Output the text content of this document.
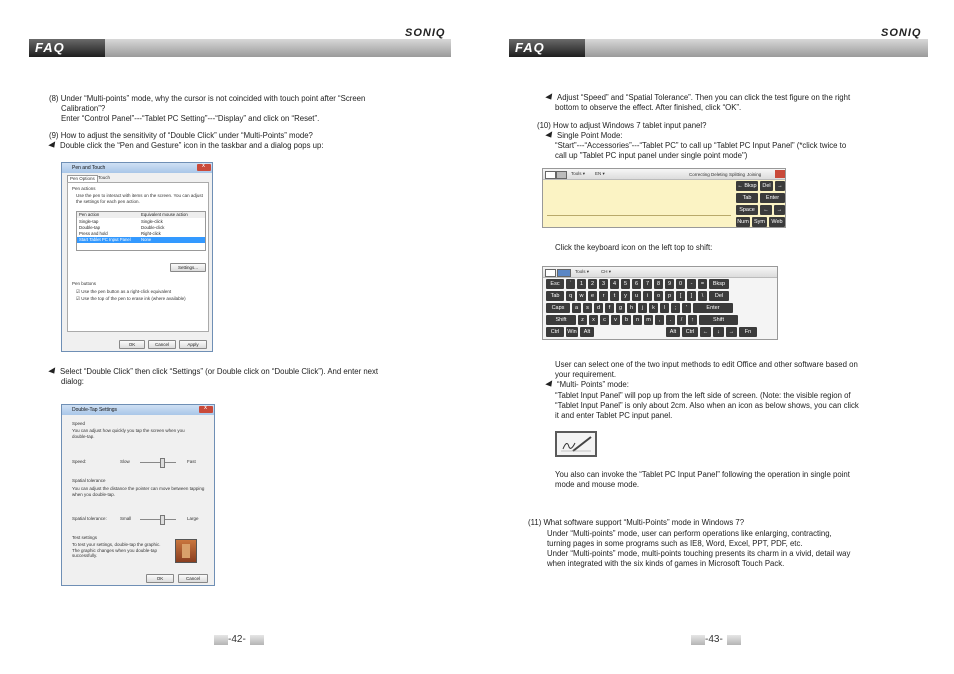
SONIQ
FAQ
(8) Under “Multi-points” mode, why the cursor is not coincided with touch point after “Screen
Calibration”?
Enter “Control Panel”---“Tablet PC Setting”---“Display” and click on “Reset”.
(9) How to adjust the sensitivity of “Double Click” under “Multi-Points” mode?
Double click the “Pen and Gesture” icon in the taskbar and a dialog pops up:
Pen and Touch
x
Pen Options Touch
Pen actions
Use the pen to interact with items on the screen. You can adjust the settings for each pen action.
Pen action	Equivalent mouse action
Single-tap	Single-click
Double-tap	Double-click
Press and hold	Right-click
Start Tablet PC Input Panel None
Settings...
Pen buttons
☑ Use the pen button as a right-click equivalent
☑ Use the top of the pen to erase ink (where available)
OK	Cancel	Apply
Select “Double Click” then click “Settings” (or Double click on “Double Click”). And enter next
dialog:
Double-Tap Settings
x
Speed
You can adjust how quickly you tap the screen when you double-tap.
Speed:	Slow	Fast
Spatial tolerance
You can adjust the distance the pointer can move between tapping when you double-tap.
Spatial tolerance:	Small	Large
Test settings
To test your settings, double-tap the graphic. The graphic changes when you double-tap successfully.
OK	Cancel
-42-
SONIQ
FAQ
Adjust “Speed” and “Spatial Tolerance”. Then you can click the test figure on the right
bottom to observe the effect. After finished, click “OK”.
(10) How to adjust Windows 7 tablet input panel?
Single Point Mode:
“Start”---“Accessories”---“Tablet PC” to call up “Tablet PC Input Panel” (*click twice to
call up "Tablet PC input panel under single point mode")
Tools ▾ EN ▾	Correcting Deleting Splitting Joining
← Bksp	Del	→
Tab	Enter
Space	←	→
Num Sym	Web
Click the keyboard icon on the left top to shift:
Tools ▾	CH ▾
Esc	`	1	2	3	4	5	6	7	8	9	0	-	=	Bksp
Tab	q	w	e	r	t	y	u	i	o	p	[	]	\	Del
Caps	a	s	d	f	g	h	j	k	l	;	'	Enter
Shift	z	x	c	v	b	n	m	,	.	/	↑	Shift
Ctrl	Win	Alt	Alt	Ctrl	←	↓	→	Fn
User can select one of the two input methods to edit Office and other software based on
your requirement.
“Multi- Points” mode:
“Tablet Input Panel” will pop up from the left side of screen. (Note: the visible region of
“Tablet Input Panel” is only about 2cm. Also when an icon as below shows, you can click
it and enter Tablet PC input panel.
You also can invoke the “Tablet PC Input Panel” following the operation in single point
mode and mouse mode.
(11) What software support “Multi-Points” mode in Windows 7?
Under “Multi-points” mode, user can perform operations like enlarging, contracting,
turning pages in some programs such as IE8, Word, Excel, PPT, PDF, etc.
Under “Multi-points” mode, multi-points touching presents its charm in a vivid, detail way
when integrated with the six kinds of games in Microsoft Touch Pack.
-43-
